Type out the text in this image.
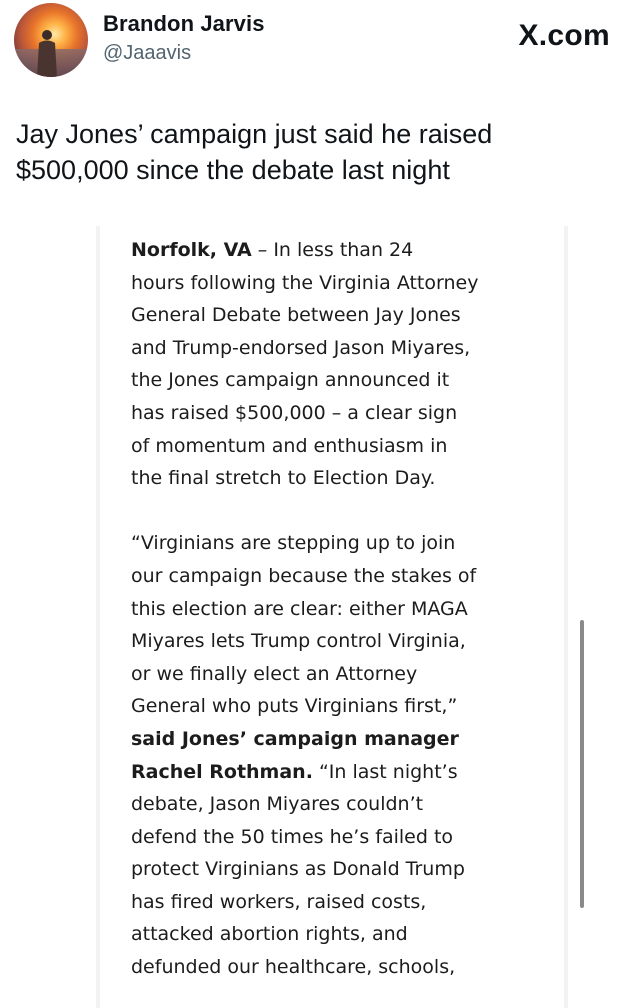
Brandon Jarvis
@Jaaavis
X.com
Jay Jones’ campaign just said he raised
$500,000 since the debate last night
Norfolk, VA – In less than 24
hours following the Virginia Attorney
General Debate between Jay Jones
and Trump-endorsed Jason Miyares,
the Jones campaign announced it
has raised $500,000 – a clear sign
of momentum and enthusiasm in
the final stretch to Election Day.
“Virginians are stepping up to join
our campaign because the stakes of
this election are clear: either MAGA
Miyares lets Trump control Virginia,
or we finally elect an Attorney
General who puts Virginians first,”
said Jones’ campaign manager
Rachel Rothman. “In last night’s
debate, Jason Miyares couldn’t
defend the 50 times he’s failed to
protect Virginians as Donald Trump
has fired workers, raised costs,
attacked abortion rights, and
defunded our healthcare, schools,
